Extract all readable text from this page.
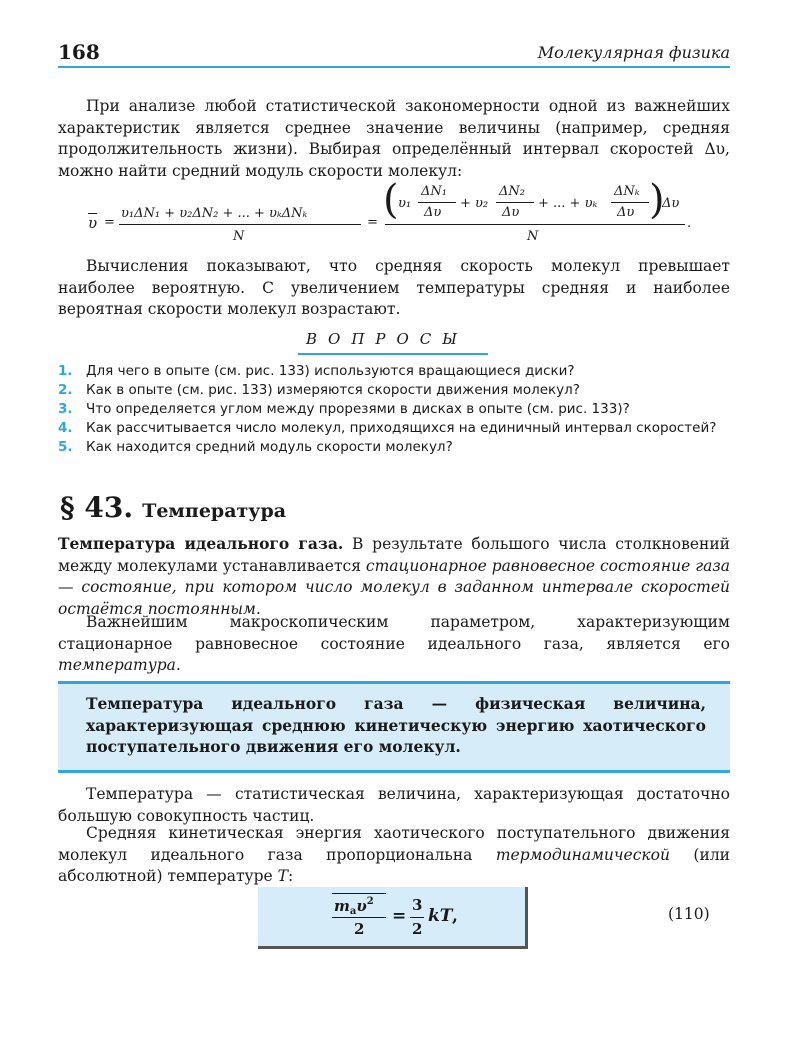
168	Молекулярная физика

При анализе любой статистической закономерности одной из важнейших характеристик является среднее значение величины (например, средняя продолжительность жизни). Выбирая определённый интервал скоростей Δυ, можно найти средний модуль скорости молекул:

$\overline{\upsilon}$ =
υ₁ΔN₁ + υ₂ΔN₂ + ... + υₖΔNₖ
N
= ( υ₁
ΔN₁
Δυ
+ υ₂
ΔN₂
Δυ
+ ... + υₖ
ΔNₖ
Δυ )
Δυ
N
.

Вычисления показывают, что средняя скорость молекул превышает наиболее вероятную. С увеличением температуры средняя и наиболее вероятная скорости молекул возрастают.

ВОПРОСЫ
1. Для чего в опыте (см. рис. 133) используются вращающиеся диски?
2. Как в опыте (см. рис. 133) измеряются скорости движения молекул?
3. Что определяется углом между прорезями в дисках в опыте (см. рис. 133)?
4. Как рассчитывается число молекул, приходящихся на единичный интервал скоростей?
5. Как находится средний модуль скорости молекул?
§ 43. Температура

Температура идеального газа. В результате большого числа столкновений между молекулами устанавливается стационарное равновесное состояние газа — состояние, при котором число молекул в заданном интервале скоростей остаётся постоянным.

Важнейшим макроскопическим параметром, характеризующим стационарное равновесное состояние идеального газа, является его температура.

Температура идеального газа — физическая величина, характеризующая среднюю кинетическую энергию хаотического поступательного движения его молекул.

Температура — статистическая величина, характеризующая достаточно большую совокупность частиц.

Средняя кинетическая энергия хаотического поступательного движения молекул идеального газа пропорциональна термодинамической (или абсолютной) температуре T:

$m_а\upsilon^2$
2
=
3
2
kT ,	(110)
